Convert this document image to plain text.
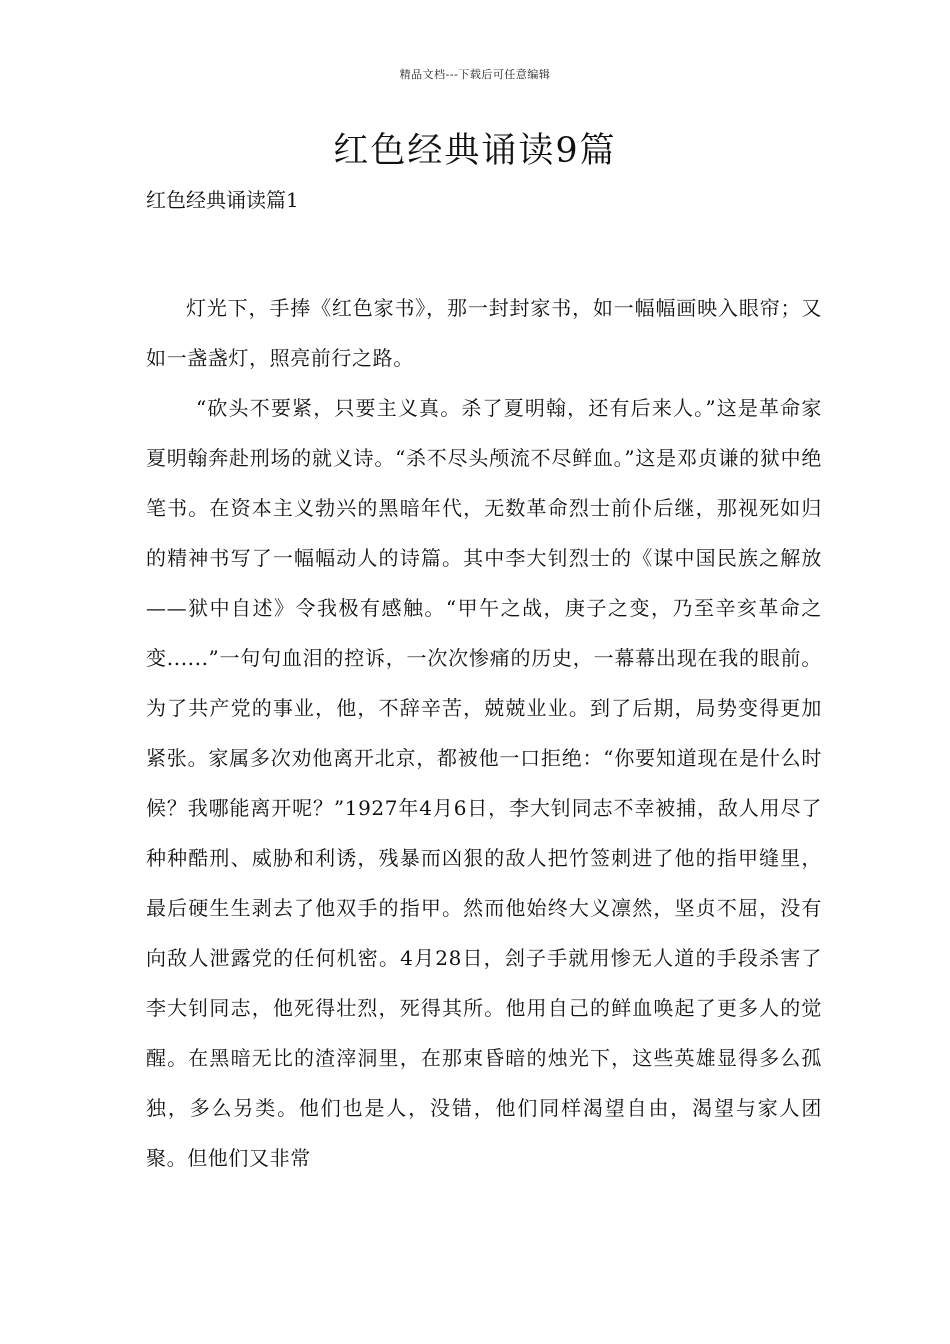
精品文档---下载后可任意编辑
红色经典诵读9篇
红色经典诵读篇1

灯光下，手捧《红色家书》，那一封封家书，如一幅幅画映入眼帘；又如一盏盏灯，照亮前行之路。

“砍头不要紧，只要主义真。杀了夏明翰，还有后来人。”这是革命家夏明翰奔赴刑场的就义诗。“杀不尽头颅流不尽鲜血。”这是邓贞谦的狱中绝笔书。在资本主义勃兴的黑暗年代，无数革命烈士前仆后继，那视死如归的精神书写了一幅幅动人的诗篇。其中李大钊烈士的《谋中国民族之解放——狱中自述》令我极有感触。“甲午之战，庚子之变，乃至辛亥革命之变......”一句句血泪的控诉，一次次惨痛的历史，一幕幕出现在我的眼前。为了共产党的事业，他，不辞辛苦，兢兢业业。到了后期，局势变得更加紧张。家属多次劝他离开北京，都被他一口拒绝：“你要知道现在是什么时候？我哪能离开呢？”1927年4月6日，李大钊同志不幸被捕，敌人用尽了种种酷刑、威胁和利诱，残暴而凶狠的敌人把竹签刺进了他的指甲缝里，最后硬生生剥去了他双手的指甲。然而他始终大义凛然，坚贞不屈，没有向敌人泄露党的任何机密。4月28日，刽子手就用惨无人道的手段杀害了李大钊同志，他死得壮烈，死得其所。他用自己的鲜血唤起了更多人的觉醒。在黑暗无比的渣滓洞里，在那束昏暗的烛光下，这些英雄显得多么孤独，多么另类。他们也是人，没错，他们同样渴望自由，渴望与家人团聚。但他们又非常
